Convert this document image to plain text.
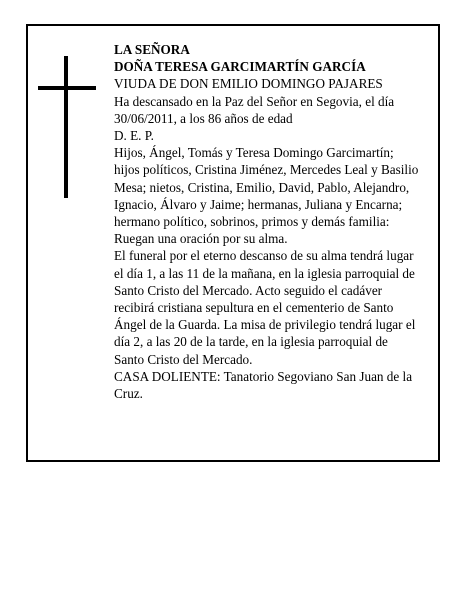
LA SEÑORA

DOÑA TERESA GARCIMARTÍN GARCÍA

VIUDA DE DON EMILIO DOMINGO PAJARES

Ha descansado en la Paz del Señor en Segovia, el día 30/06/2011, a los 86 años de edad

D. E. P.

Hijos, Ángel, Tomás y Teresa Domingo Garcimartín; hijos políticos, Cristina Jiménez, Mercedes Leal y Basilio Mesa; nietos, Cristina, Emilio, David, Pablo, Alejandro, Ignacio, Álvaro y Jaime; hermanas, Juliana y Encarna; hermano político, sobrinos, primos y demás familia:

Ruegan una oración por su alma.

El funeral por el eterno descanso de su alma tendrá lugar el día 1, a las 11 de la mañana, en la iglesia parroquial de Santo Cristo del Mercado. Acto seguido el cadáver recibirá cristiana sepultura en el cementerio de Santo Ángel de la Guarda. La misa de privilegio tendrá lugar el día 2, a las 20 de la tarde, en la iglesia parroquial de Santo Cristo del Mercado.

CASA DOLIENTE: Tanatorio Segoviano San Juan de la Cruz.
